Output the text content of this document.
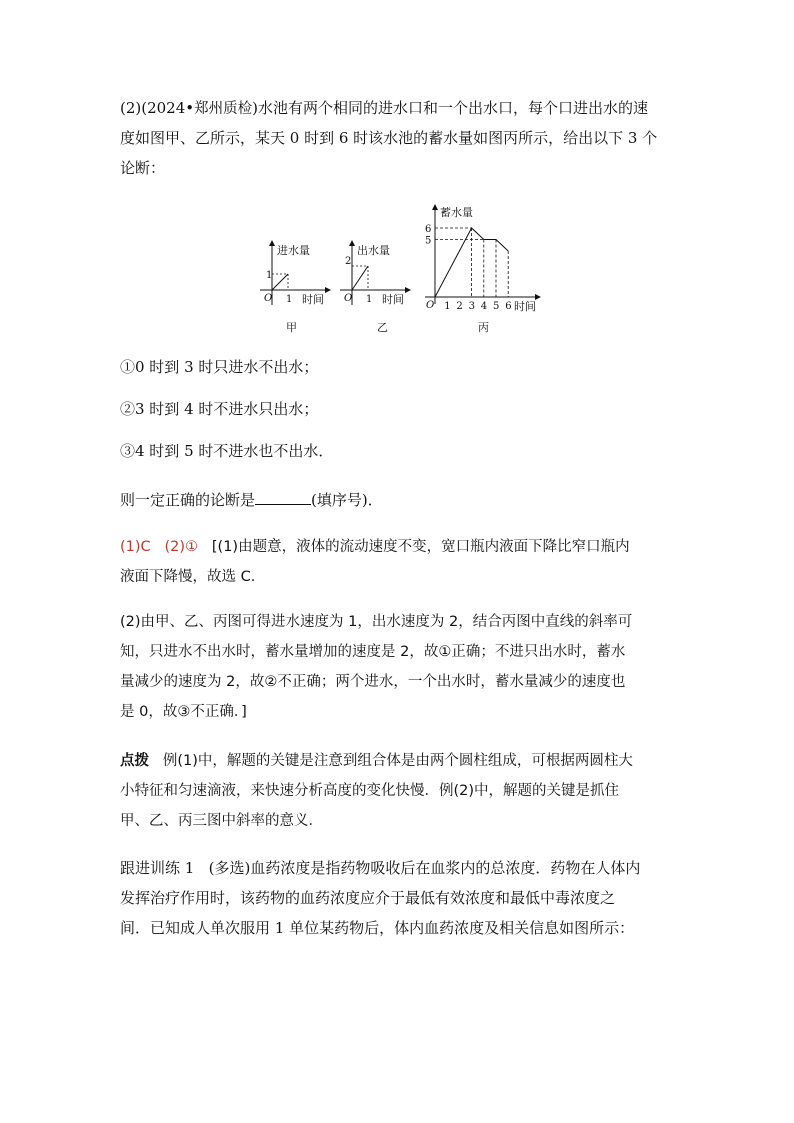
(2)(2024•郑州质检)水池有两个相同的进水口和一个出水口，每个口进出水的速
度如图甲、乙所示，某天 0 时到 6 时该水池的蓄水量如图丙所示，给出以下 3 个
论断：
进水量
1
O 1 时间
甲
出水量
2
O 1 时间
乙
蓄水量
6
5
O 1 2 3 4 5 6 时间
丙
①0 时到 3 时只进水不出水；
②3 时到 4 时不进水只出水；
③4 时到 5 时不进水也不出水．
则一定正确的论断是	(填序号)．
(1)C (2)① [(1)由题意，液体的流动速度不变，宽口瓶内液面下降比窄口瓶内
液面下降慢，故选 C．
(2)由甲、乙、丙图可得进水速度为 1，出水速度为 2，结合丙图中直线的斜率可
知，只进水不出水时，蓄水量增加的速度是 2，故①正确；不进只出水时，蓄水
量减少的速度为 2，故②不正确；两个进水，一个出水时，蓄水量减少的速度也
是 0，故③不正确．]
点拨 例(1)中，解题的关键是注意到组合体是由两个圆柱组成，可根据两圆柱大
小特征和匀速滴液，来快速分析高度的变化快慢．例(2)中，解题的关键是抓住
甲、乙、丙三图中斜率的意义．
跟进训练 1 (多选)血药浓度是指药物吸收后在血浆内的总浓度．药物在人体内
发挥治疗作用时，该药物的血药浓度应介于最低有效浓度和最低中毒浓度之
间．已知成人单次服用 1 单位某药物后，体内血药浓度及相关信息如图所示：
